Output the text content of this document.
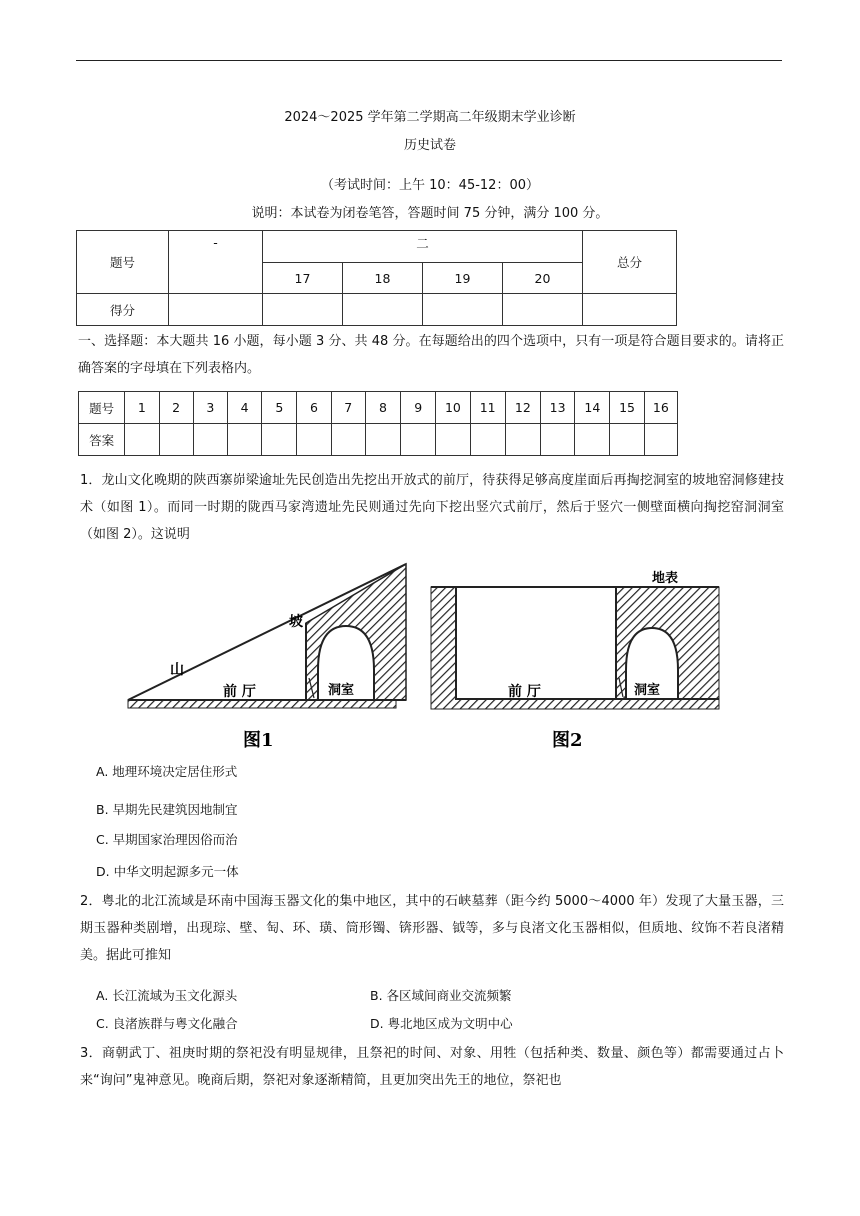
2024～2025 学年第二学期高二年级期末学业诊断
历史试卷
（考试时间：上午 10：45-12：00）
说明：本试卷为闭卷笔答，答题时间 75 分钟，满分 100 分。
题号	-	二				总分
		17	18	19	20	
得分						
一、选择题：本大题共 16 小题，每小题 3 分、共 48 分。在每题给出的四个选项中，只有一项是符合题目要求的。请将正确答案的字母填在下列表格内。
题号	1	2	3	4	5	6	7	8	9	10	11	12	13	14	15	16
答案																
1．龙山文化晚期的陕西寨峁梁逾址先民创造出先挖出开放式的前厅，待获得足够高度崖面后再掏挖洞室的坡地窑洞修建技术（如图 1）。而同一时期的陇西马家湾遗址先民则通过先向下挖出竖穴式前厅，然后于竖穴一侧壁面横向掏挖窑洞洞室（如图 2）。这说明
山
坡
前 厅	洞室
图1
地表
前 厅	洞室
图2
A. 地理环境决定居住形式
B. 早期先民建筑因地制宜
C. 早期国家治理因俗而治
D. 中华文明起源多元一体
2．粤北的北江流域是环南中国海玉器文化的集中地区，其中的石峡墓葬（距今约 5000～4000 年）发现了大量玉器，三期玉器种类剧增，出现琮、壁、匋、环、璜、筒形镯、锛形器、钺等，多与良渚文化玉器相似，但质地、纹饰不若良渚精美。据此可推知
A. 长江流域为玉文化源头	B. 各区域间商业交流频繁
C. 良渚族群与粤文化融合	D. 粤北地区成为文明中心
3．商朝武丁、祖庚时期的祭祀没有明显规律，且祭祀的时间、对象、用牲（包括种类、数量、颜色等）都需要通过占卜来“询问”鬼神意见。晚商后期，祭祀对象逐渐精简，且更加突出先王的地位，祭祀也
